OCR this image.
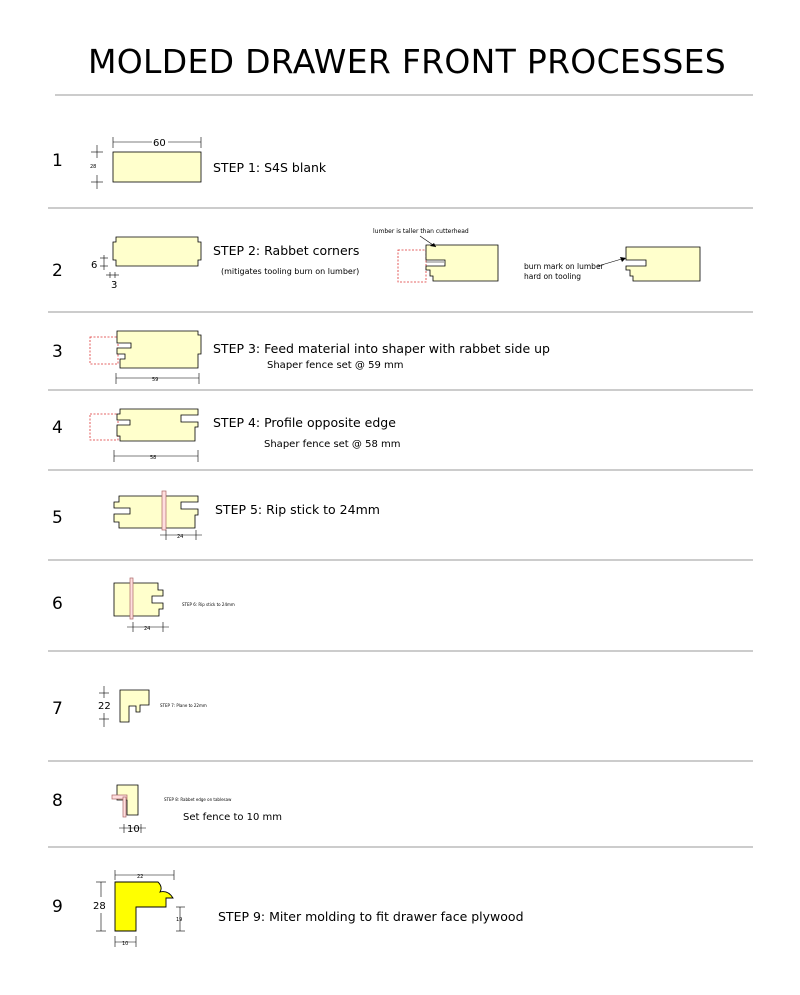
MOLDED DRAWER FRONT PROCESSES
1
60
28	STEP 1: S4S blank
2	6
3
STEP 2: Rabbet corners
(mitigates tooling burn on lumber)
lumber is taller than cutterhead
burn mark on lumber
hard on tooling
3
59
STEP 3: Feed material into shaper with rabbet side up
Shaper fence set @ 59 mm
4
58
STEP 4: Profile opposite edge
Shaper fence set @ 58 mm
5
24
STEP 5: Rip stick to 24mm
6
24
STEP 6: Rip stick to 24mm
7	22	STEP 7: Plane to 22mm
8
10
STEP 8: Rabbet edge on tablesaw
Set fence to 10 mm
9
22
28
19
10
STEP 9: Miter molding to fit drawer face plywood
